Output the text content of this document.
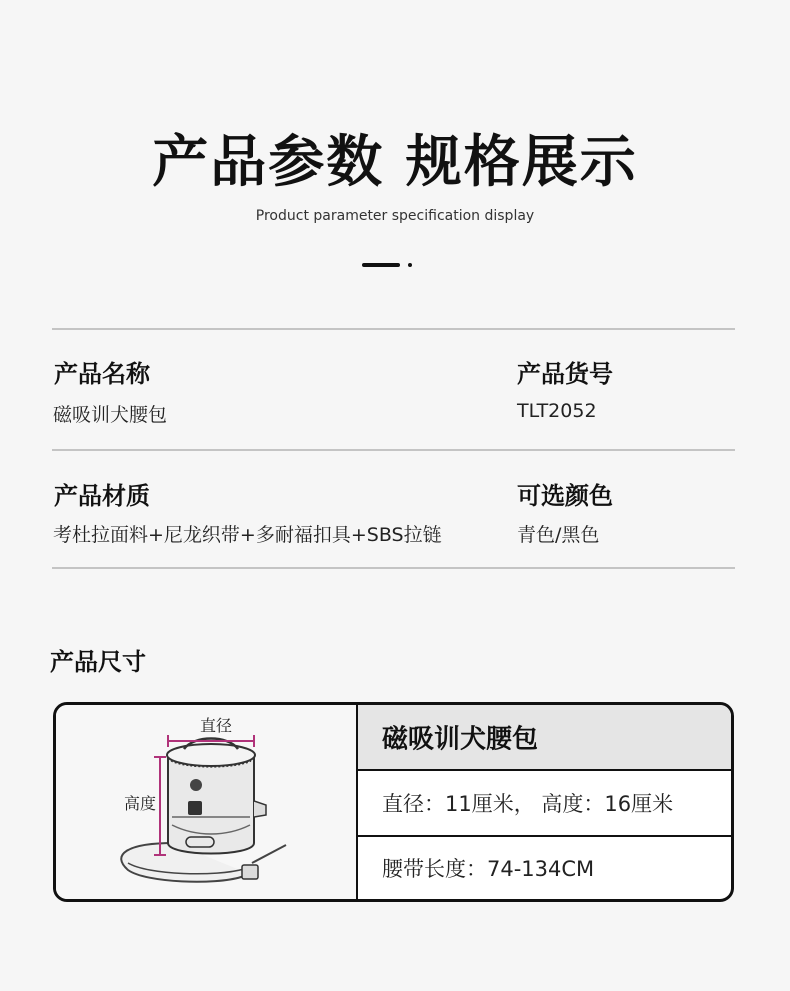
产品参数 规格展示
Product parameter specification display
产品名称
磁吸训犬腰包
产品货号
TLT2052
产品材质
考杜拉面料+尼龙织带+多耐福扣具+SBS拉链
可选颜色
青色/黑色
产品尺寸
直径
高度
磁吸训犬腰包
直径：11厘米， 高度：16厘米
腰带长度：74-134CM
